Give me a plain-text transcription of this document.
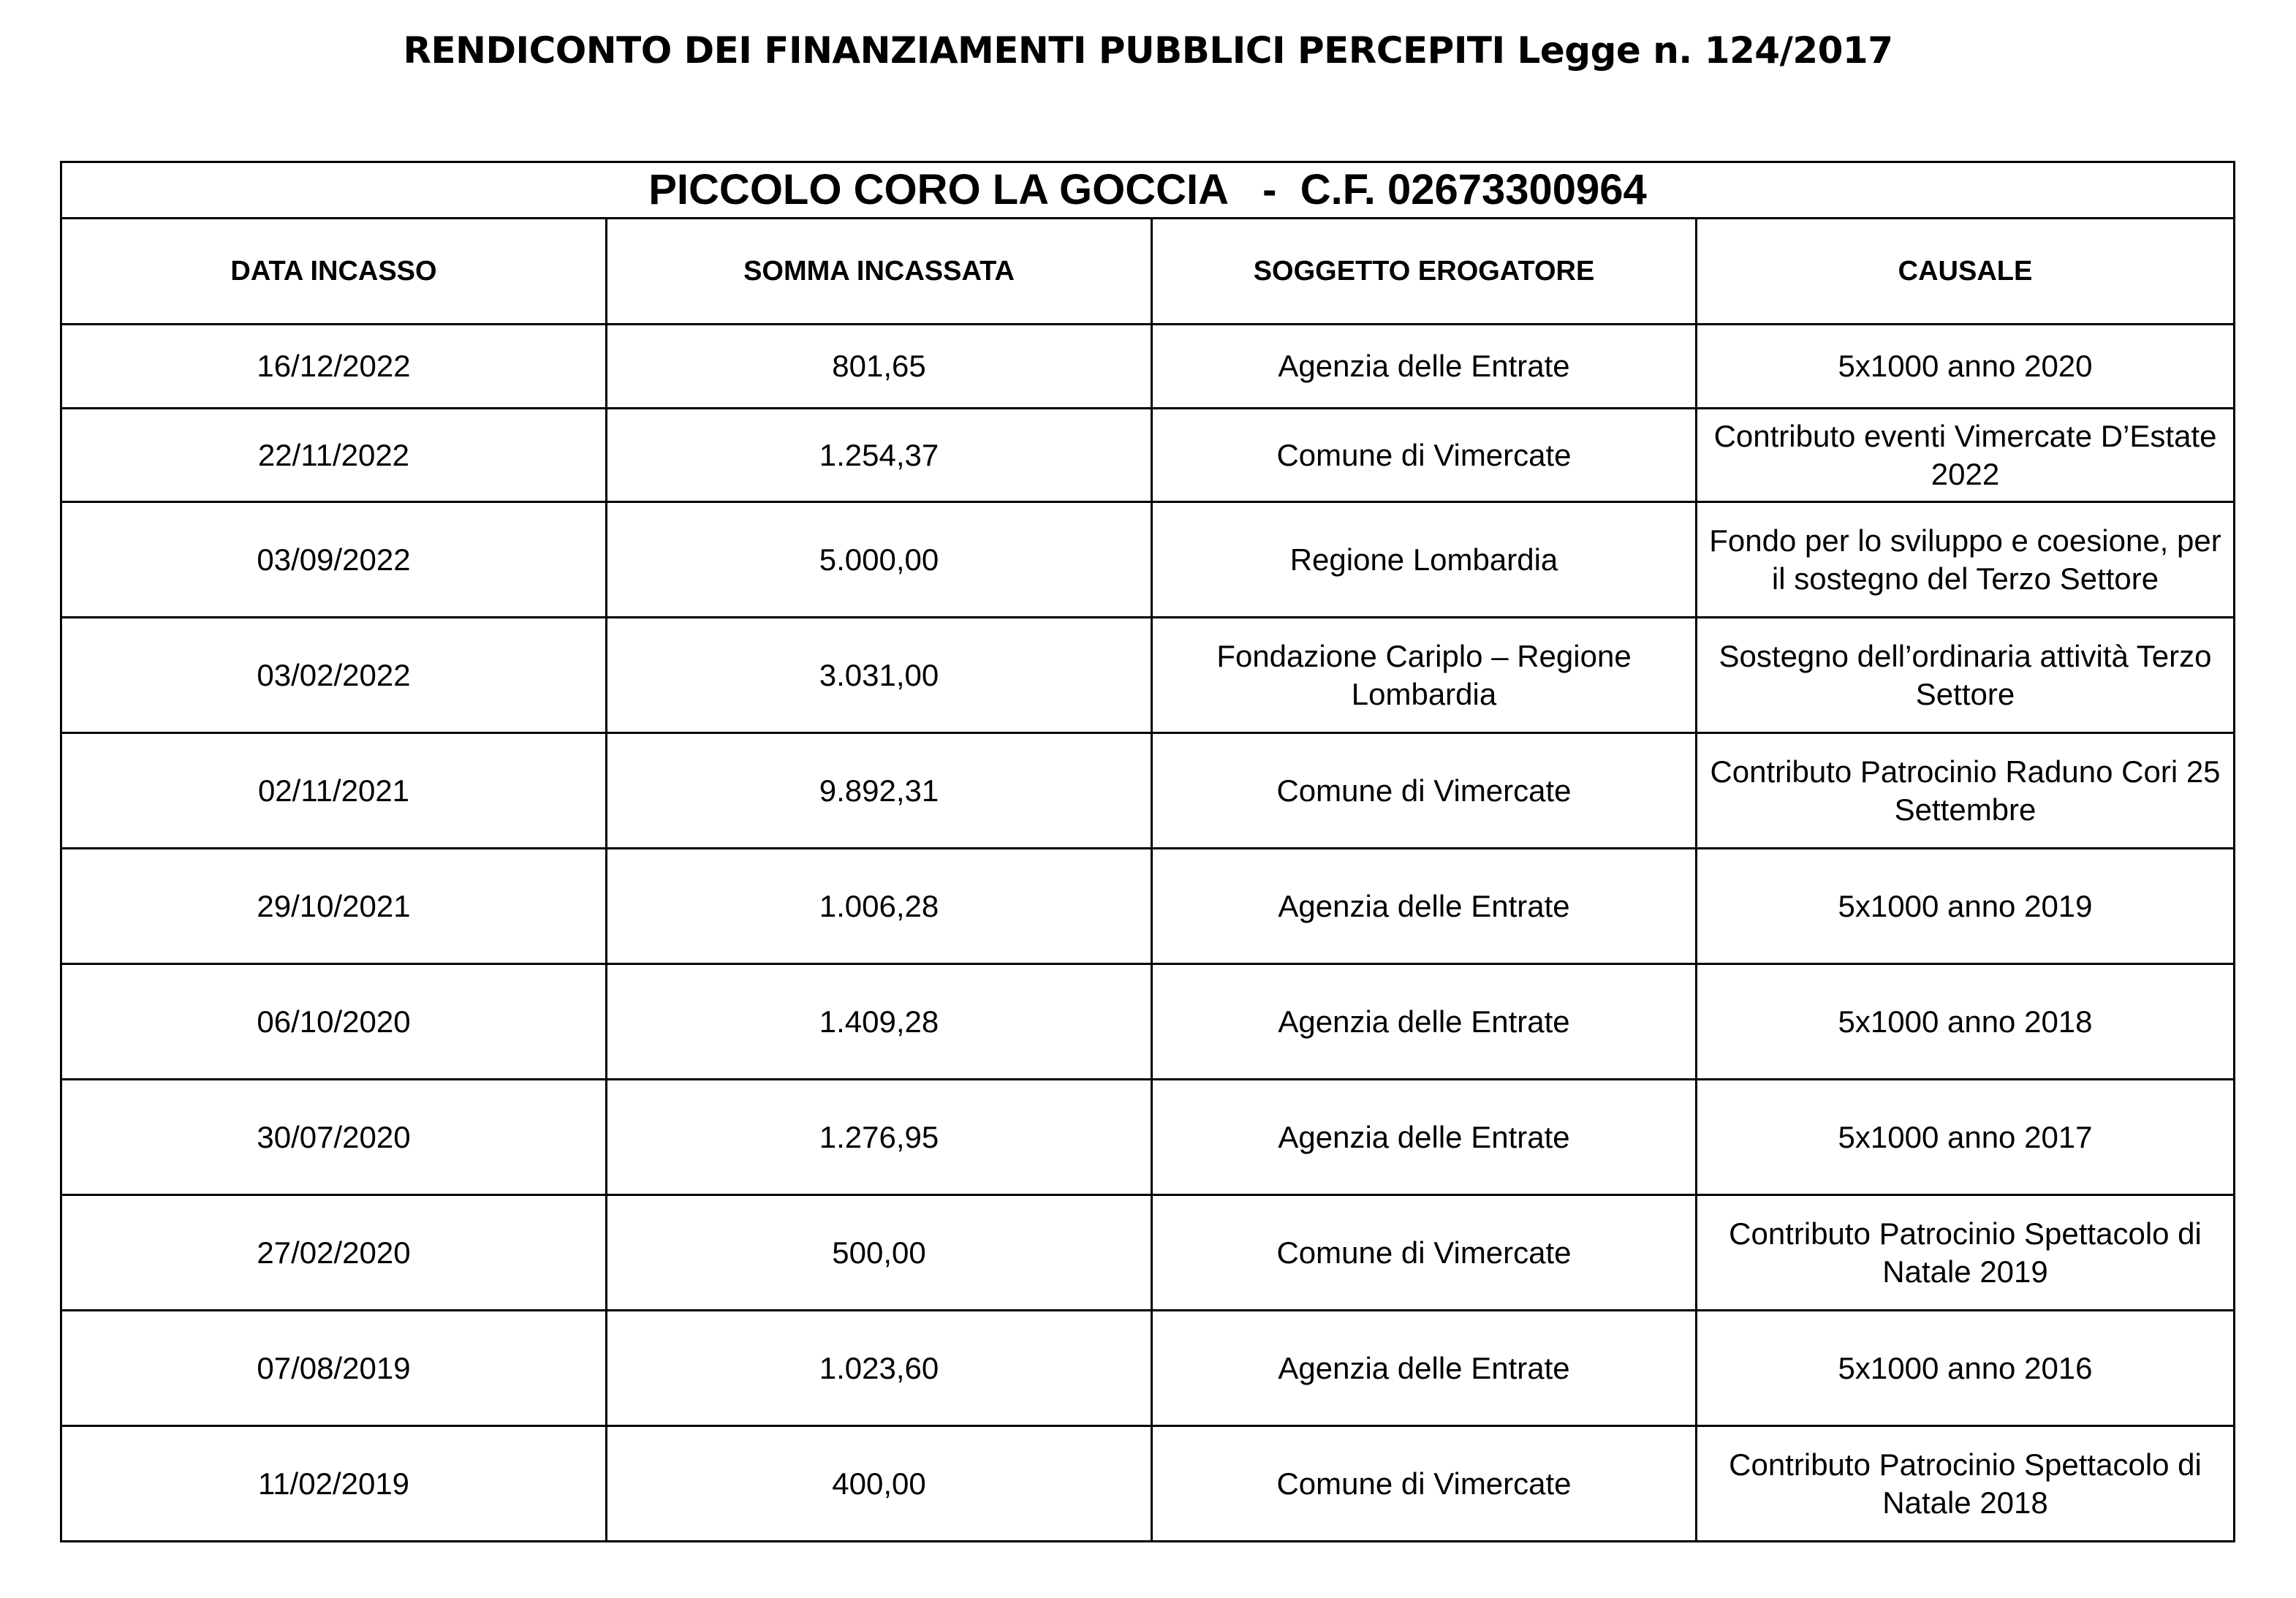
RENDICONTO DEI FINANZIAMENTI PUBBLICI PERCEPITI Legge n. 124/2017
PICCOLO CORO LA GOCCIA   -  C.F. 02673300964			
DATA INCASSO	SOMMA INCASSATA	SOGGETTO EROGATORE	CAUSALE
16/12/2022	801,65	Agenzia delle Entrate	5x1000 anno 2020
22/11/2022	1.254,37	Comune di Vimercate	Contributo eventi Vimercate D’Estate 2022
03/09/2022	5.000,00	Regione Lombardia	Fondo per lo sviluppo e coesione, per il sostegno del Terzo Settore
03/02/2022	3.031,00	Fondazione Cariplo – Regione Lombardia	Sostegno dell’ordinaria attività Terzo Settore
02/11/2021	9.892,31	Comune di Vimercate	Contributo Patrocinio Raduno Cori 25 Settembre
29/10/2021	1.006,28	Agenzia delle Entrate	5x1000 anno 2019
06/10/2020	1.409,28	Agenzia delle Entrate	5x1000 anno 2018
30/07/2020	1.276,95	Agenzia delle Entrate	5x1000 anno 2017
27/02/2020	500,00	Comune di Vimercate	Contributo Patrocinio Spettacolo di Natale 2019
07/08/2019	1.023,60	Agenzia delle Entrate	5x1000 anno 2016
11/02/2019	400,00	Comune di Vimercate	Contributo Patrocinio Spettacolo di Natale 2018
